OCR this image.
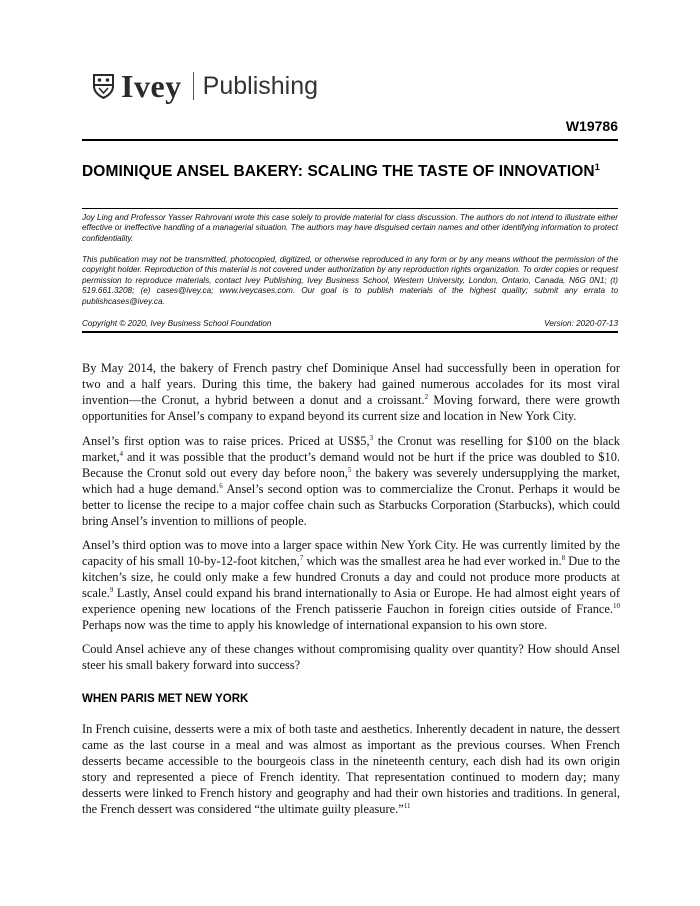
Ivey Publishing
W19786
DOMINIQUE ANSEL BAKERY: SCALING THE TASTE OF INNOVATION$^1$
Joy Ling and Professor Yasser Rahrovani wrote this case solely to provide material for class discussion. The authors do not intend to illustrate either effective or ineffective handling of a managerial situation. The authors may have disguised certain names and other identifying information to protect confidentiality.
This publication may not be transmitted, photocopied, digitized, or otherwise reproduced in any form or by any means without the permission of the copyright holder. Reproduction of this material is not covered under authorization by any reproduction rights organization. To order copies or request permission to reproduce materials, contact Ivey Publishing, Ivey Business School, Western University, London, Ontario, Canada, N6G 0N1; (t) 519.661.3208; (e) cases@ivey.ca; www.iveycases.com. Our goal is to publish materials of the highest quality; submit any errata to publishcases@ivey.ca.
Copyright © 2020, Ivey Business School Foundation	Version: 2020-07-13

By May 2014, the bakery of French pastry chef Dominique Ansel had successfully been in operation for two and a half years. During this time, the bakery had gained numerous accolades for its most viral invention—the Cronut, a hybrid between a donut and a croissant.$^2$ Moving forward, there were growth opportunities for Ansel’s company to expand beyond its current size and location in New York City.

Ansel’s first option was to raise prices. Priced at US$5,$^3$ the Cronut was reselling for $100 on the black market,$^4$ and it was possible that the product’s demand would not be hurt if the price was doubled to $10. Because the Cronut sold out every day before noon,$^5$ the bakery was severely undersupplying the market, which had a huge demand.$^6$ Ansel’s second option was to commercialize the Cronut. Perhaps it would be better to license the recipe to a major coffee chain such as Starbucks Corporation (Starbucks), which could bring Ansel’s invention to millions of people.

Ansel’s third option was to move into a larger space within New York City. He was currently limited by the capacity of his small 10-by-12-foot kitchen,$^7$ which was the smallest area he had ever worked in.$^8$ Due to the kitchen’s size, he could only make a few hundred Cronuts a day and could not produce more products at scale.$^9$ Lastly, Ansel could expand his brand internationally to Asia or Europe. He had almost eight years of experience opening new locations of the French patisserie Fauchon in foreign cities outside of France.$^{10}$ Perhaps now was the time to apply his knowledge of international expansion to his own store.

Could Ansel achieve any of these changes without compromising quality over quantity? How should Ansel steer his small bakery forward into success?

WHEN PARIS MET NEW YORK

In French cuisine, desserts were a mix of both taste and aesthetics. Inherently decadent in nature, the dessert came as the last course in a meal and was almost as important as the previous courses. When French desserts became accessible to the bourgeois class in the nineteenth century, each dish had its own origin story and represented a piece of French identity. That representation continued to modern day; many desserts were linked to French history and geography and had their own histories and traditions. In general, the French dessert was considered “the ultimate guilty pleasure.”$^{11}$
